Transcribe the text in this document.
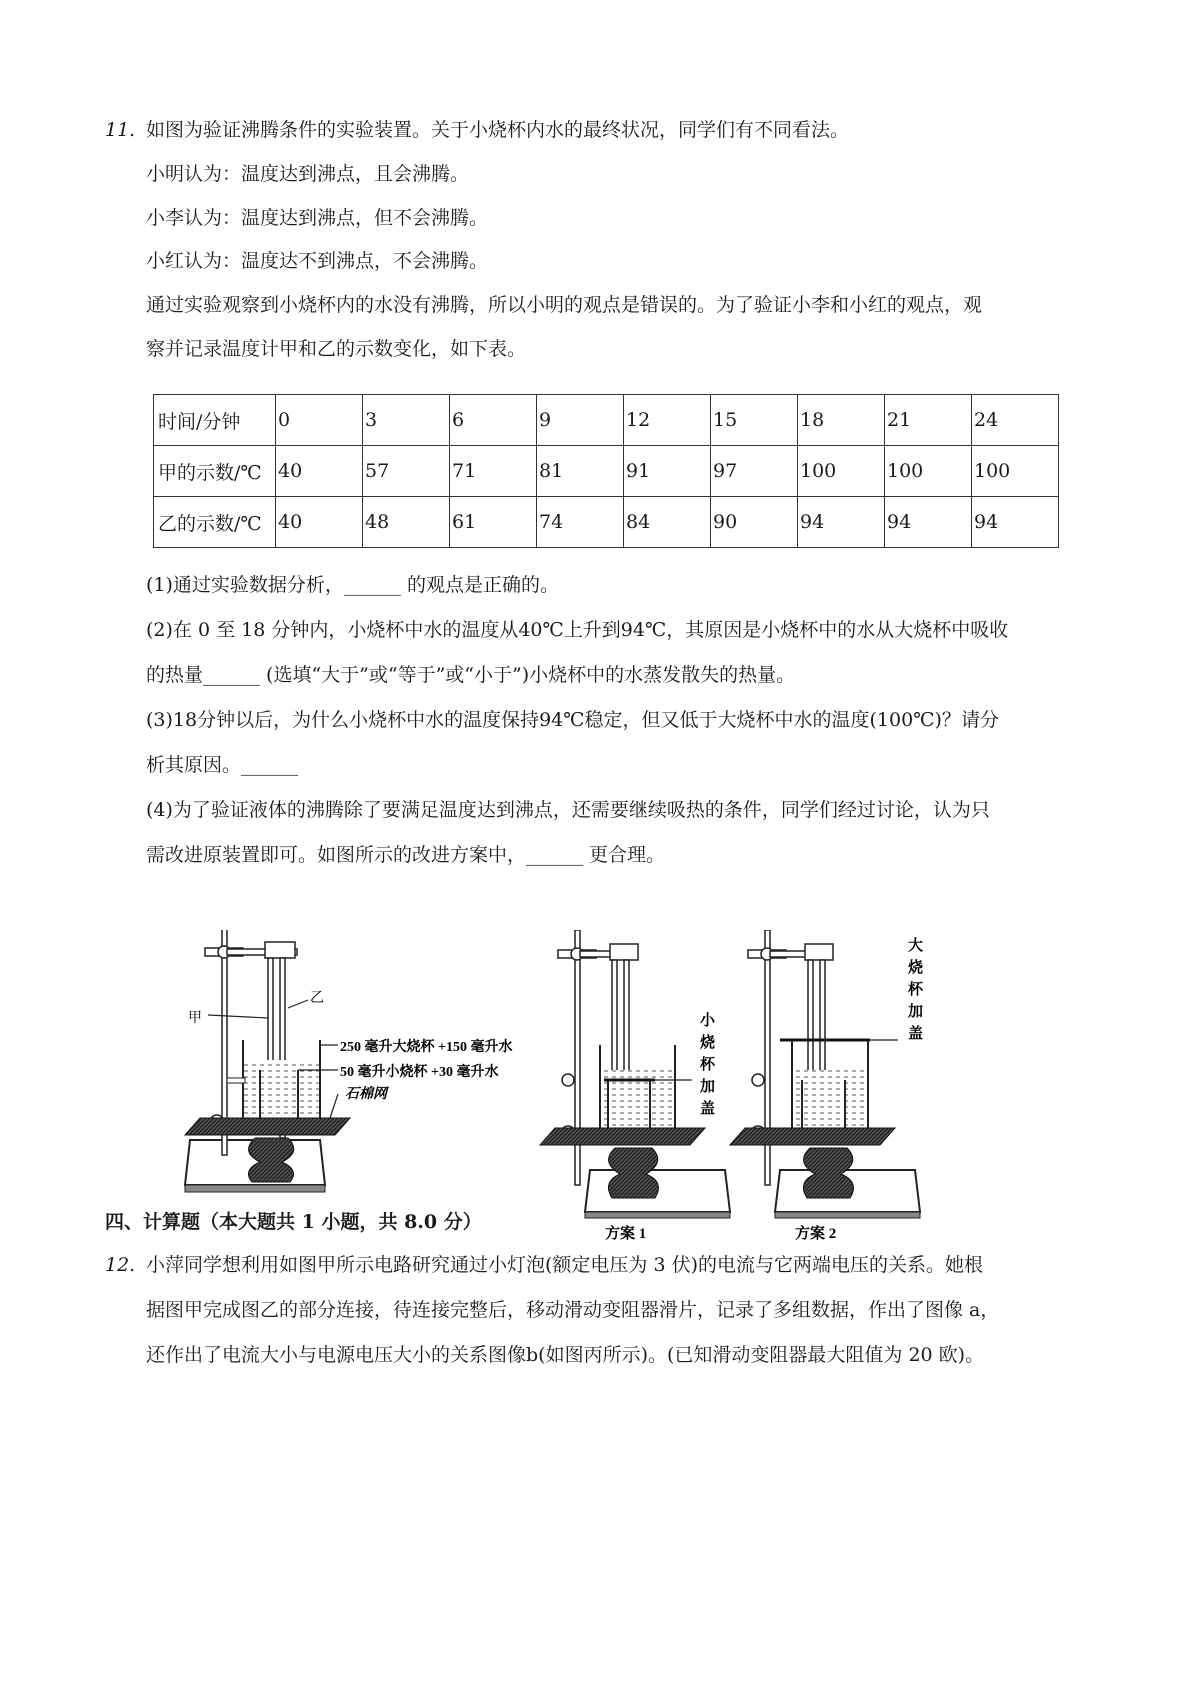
11. 如图为验证沸腾条件的实验装置。关于小烧杯内水的最终状况，同学们有不同看法。
小明认为：温度达到沸点，且会沸腾。
小李认为：温度达到沸点，但不会沸腾。
小红认为：温度达不到沸点，不会沸腾。
通过实验观察到小烧杯内的水没有沸腾，所以小明的观点是错误的。为了验证小李和小红的观点，观
察并记录温度计甲和乙的示数变化，如下表。
时间/分钟	0	3	6	9	12	15	18	21	24
甲的示数/℃	40	57	71	81	91	97	100	100	100
乙的示数/℃	40	48	61	74	84	90	94	94	94
(1)通过实验数据分析，______ 的观点是正确的。
(2)在 0 至 18 分钟内，小烧杯中水的温度从40℃上升到94℃，其原因是小烧杯中的水从大烧杯中吸收
的热量______ (选填“大于”或“等于”或“小于”)小烧杯中的水蒸发散失的热量。
(3)18分钟以后，为什么小烧杯中水的温度保持94℃稳定，但又低于大烧杯中水的温度(100℃)？请分
析其原因。______
(4)为了验证液体的沸腾除了要满足温度达到沸点，还需要继续吸热的条件，同学们经过讨论，认为只
需改进原装置即可。如图所示的改进方案中，______ 更合理。
甲
乙
250 毫升大烧杯 +150 毫升水
50 毫升小烧杯 +30 毫升水
石棉网
小 烧 杯 加 盖
方案 1
大 烧 杯 加 盖
方案 2
四、计算题（本大题共 1 小题，共 8.0 分）
12. 小萍同学想利用如图甲所示电路研究通过小灯泡(额定电压为 3 伏)的电流与它两端电压的关系。她根
据图甲完成图乙的部分连接，待连接完整后，移动滑动变阻器滑片，记录了多组数据，作出了图像 a，
还作出了电流大小与电源电压大小的关系图像b(如图丙所示)。(已知滑动变阻器最大阻值为 20 欧)。
